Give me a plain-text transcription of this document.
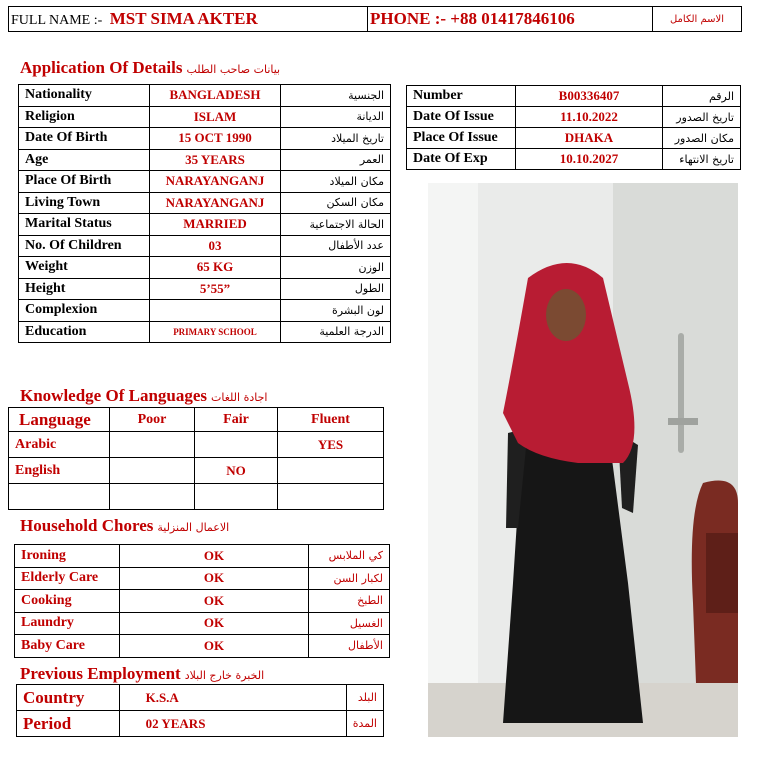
FULL NAME :- MST SIMA AKTER	PHONE :- +88 01417846106	الاسم الكامل
Application Of Details بيانات صاحب الطلب
Nationality	BANGLADESH	الجنسية
Religion	ISLAM	الديانة
Date Of Birth	15 OCT 1990	تاريخ الميلاد
Age	35 YEARS	العمر
Place Of Birth	NARAYANGANJ	مكان الميلاد
Living Town	NARAYANGANJ	مكان السكن
Marital Status	MARRIED	الحالة الاجتماعية
No. Of Children	03	عدد الأطفال
Weight	65 KG	الوزن
Height	5’55”	الطول
Complexion		لون البشرة
Education	PRIMARY SCHOOL	الدرجة العلمية
Number	B00336407	الرقم
Date Of Issue	11.10.2022	تاريخ الصدور
Place Of Issue	DHAKA	مكان الصدور
Date Of Exp	10.10.2027	تاريخ الانتهاء
Knowledge Of Languages اجادة اللغات
Language	Poor	Fair	Fluent
Arabic			YES
English		NO	

Household Chores الاعمال المنزلية
Ironing	OK	كي الملابس
Elderly Care	OK	لكبار السن
Cooking	OK	الطبخ
Laundry	OK	الغسيل
Baby Care	OK	الأطفال
Previous Employment الخبرة خارج البلاد
Country	K.S.A	البلد
Period	02 YEARS	المدة
